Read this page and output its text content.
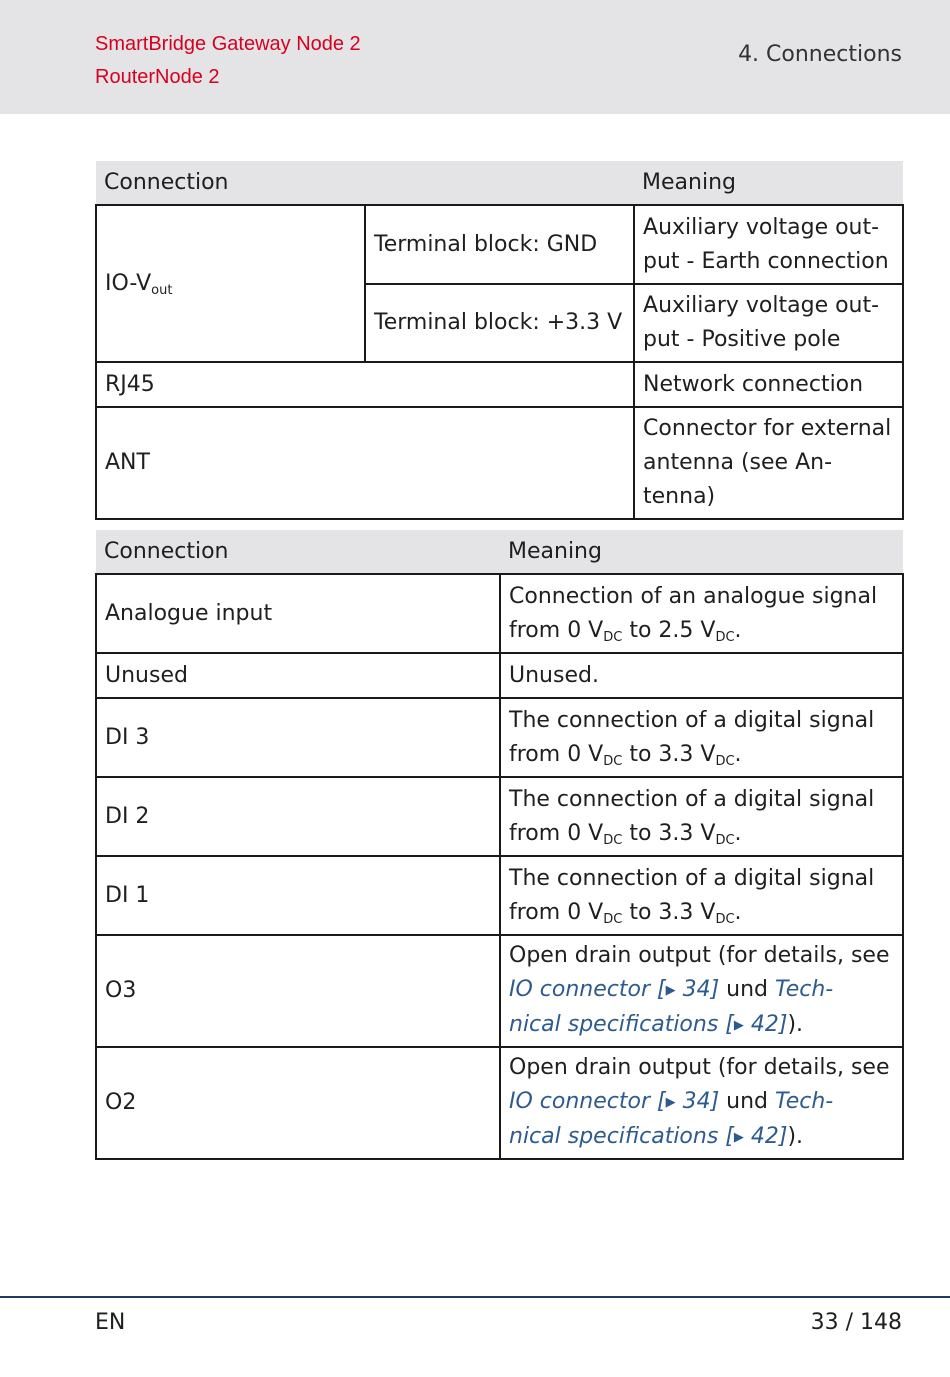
SmartBridge Gateway Node 2
RouterNode 2
4. Connections
Connection		Meaning
$IO-V_{out}$	Terminal block: GND	Auxiliary voltage out-
put - Earth connection

	Terminal block: +3.3 V	Auxiliary voltage out-
put - Positive pole

RJ45		Network connection
ANT		Connector for external
antenna (see An-
tenna)
Connection	Meaning
Analogue input	Connection of an analogue signal
from 0 $V_{DC}$ to 2.5 $V_{DC}$.

Unused	Unused.
DI 3	The connection of a digital signal
from 0 $V_{DC}$ to 3.3 $V_{DC}$.

DI 2	The connection of a digital signal
from 0 $V_{DC}$ to 3.3 $V_{DC}$.

DI 1	The connection of a digital signal
from 0 $V_{DC}$ to 3.3 $V_{DC}$.

O3	Open drain output (for details, see
IO connector [▶ 34] und Tech-
nical specifications [▶ 42]).

O2	Open drain output (for details, see
IO connector [▶ 34] und Tech-
nical specifications [▶ 42]).
EN	33 / 148
